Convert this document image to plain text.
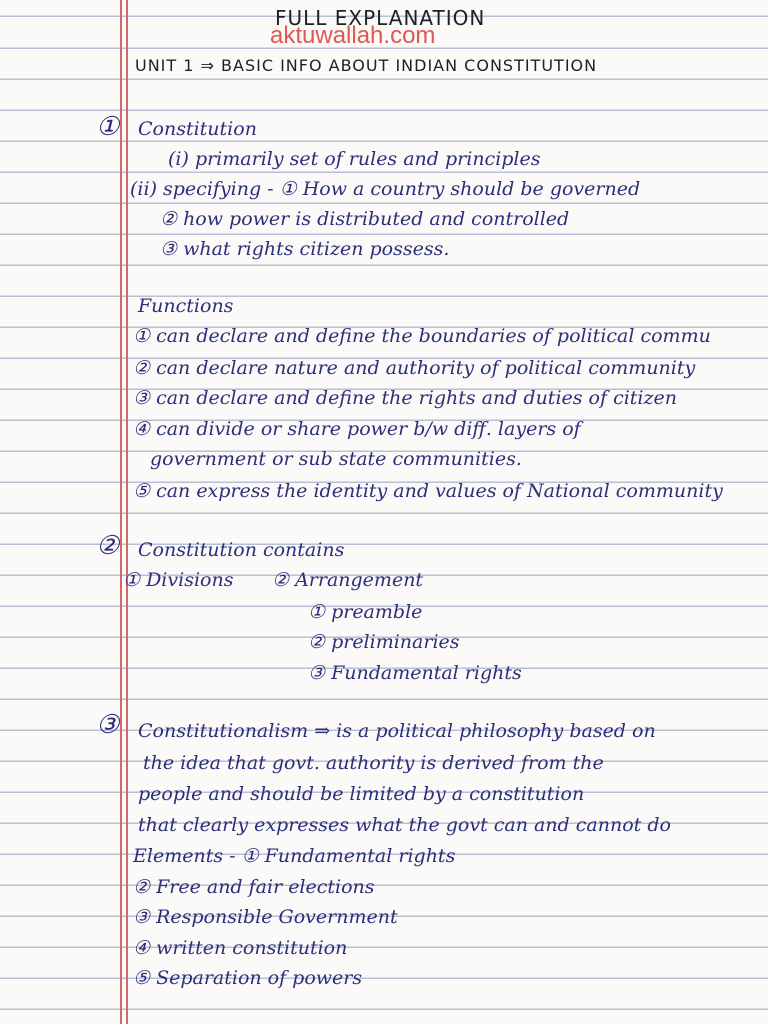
FULL EXPLANATION
aktuwallah.com
UNIT 1 ⇒ BASIC INFO ABOUT INDIAN CONSTITUTION
① Constitution
(i) primarily set of rules and principles
(ii) specifying - ① How a country should be governed
② how power is distributed and controlled
③ what rights citizen possess.
Functions
① can declare and define the boundaries of political commu
② can declare nature and authority of political community
③ can declare and define the rights and duties of citizen
④ can divide or share power b/w diff. layers of
government or sub state communities.
⑤ can express the identity and values of National community
② Constitution contains
① Divisions ② Arrangement
① preamble
② preliminaries
③ Fundamental rights
③ Constitutionalism ⇒ is a political philosophy based on
the idea that govt. authority is derived from the
people and should be limited by a constitution
that clearly expresses what the govt can and cannot do
Elements - ① Fundamental rights
② Free and fair elections
③ Responsible Government
④ written constitution
⑤ Separation of powers
